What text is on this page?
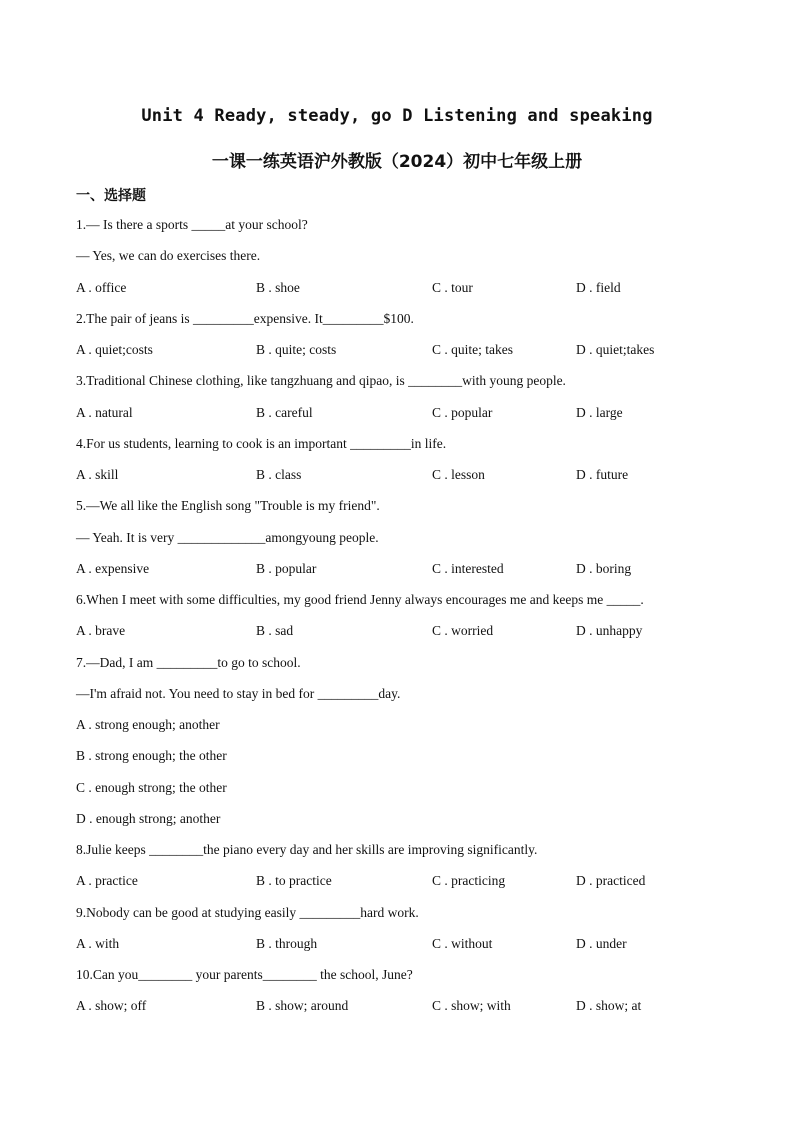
Unit 4 Ready, steady, go D Listening and speaking
一课一练英语沪外教版（2024）初中七年级上册
一、选择题
1.— Is there a sports _____at your school?
— Yes, we can do exercises there.
A . office	B . shoe	C . tour	D . field
2.The pair of jeans is _________expensive. It_________$100.
A . quiet;costs	B . quite; costs	C . quite; takes	D . quiet;takes
3.Traditional Chinese clothing, like tangzhuang and qipao, is ________with young people.
A . natural	B . careful	C . popular	D . large
4.For us students, learning to cook is an important _________in life.
A . skill	B . class	C . lesson	D . future
5.—We all like the English song "Trouble is my friend".
— Yeah. It is very _____________amongyoung people.
A . expensive	B . popular	C . interested	D . boring
6.When I meet with some difficulties, my good friend Jenny always encourages me and keeps me _____.
A . brave	B . sad	C . worried	D . unhappy
7.—Dad, I am _________to go to school.
—I'm afraid not. You need to stay in bed for _________day.
A . strong enough; another
B . strong enough; the other
C . enough strong; the other
D . enough strong; another
8.Julie keeps ________the piano every day and her skills are improving significantly.
A . practice	B . to practice	C . practicing	D . practiced
9.Nobody can be good at studying easily _________hard work.
A . with	B . through	C . without	D . under
10.Can you________ your parents________ the school, June?
A . show; off	B . show; around	C . show; with	D . show; at
